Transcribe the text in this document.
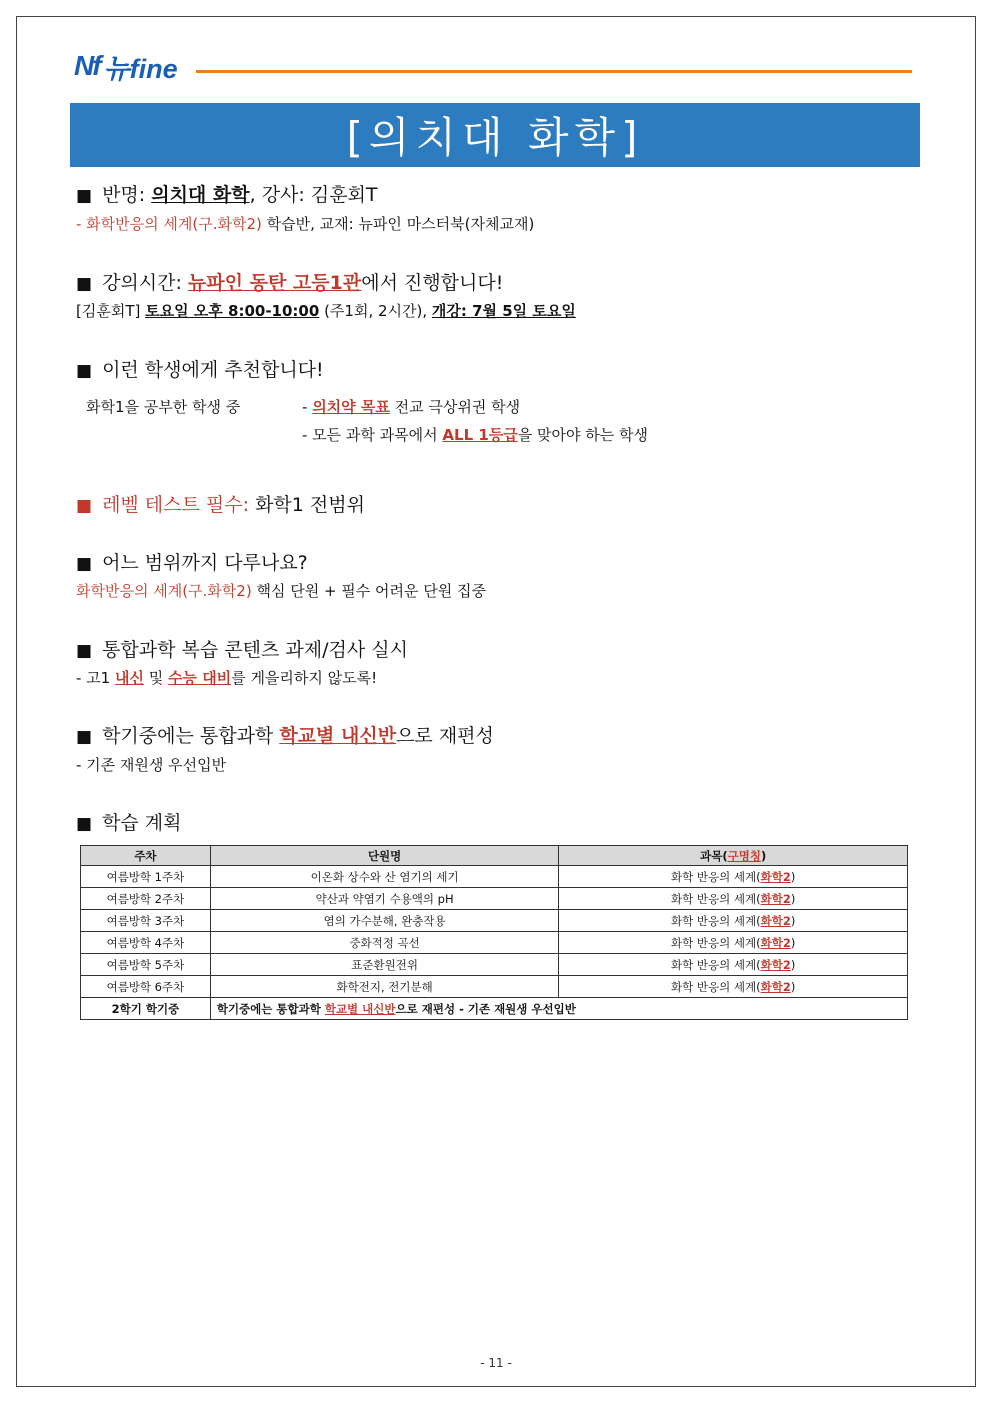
Nf 뉴fine
[의치대 화학]
■ 반명: 의치대 화학, 강사: 김훈회T
- 화학반응의 세계(구.화학2) 학습반, 교재: 뉴파인 마스터북(자체교재)
■ 강의시간: 뉴파인 동탄 고등1관에서 진행합니다!
[김훈회T] 토요일 오후 8:00-10:00 (주1회, 2시간), 개강: 7월 5일 토요일
■ 이런 학생에게 추천합니다!
화학1을 공부한 학생 중	- 의치약 목표 전교 극상위권 학생
- 모든 과학 과목에서 ALL 1등급을 맞아야 하는 학생
■ 레벨 테스트 필수: 화학1 전범위
■ 어느 범위까지 다루나요?
화학반응의 세계(구.화학2) 핵심 단원 + 필수 어려운 단원 집중
■ 통합과학 복습 콘텐츠 과제/검사 실시
- 고1 내신 및 수능 대비를 게을리하지 않도록!
■ 학기중에는 통합과학 학교별 내신반으로 재편성
- 기존 재원생 우선입반
■ 학습 계획
주차	단원명	과목(구명칭)
여름방학 1주차	이온화 상수와 산 염기의 세기	화학 반응의 세계(화학2)
여름방학 2주차	약산과 약염기 수용액의 pH	화학 반응의 세계(화학2)
여름방학 3주차	염의 가수분해, 완충작용	화학 반응의 세계(화학2)
여름방학 4주차	중화적정 곡선	화학 반응의 세계(화학2)
여름방학 5주차	표준환원전위	화학 반응의 세계(화학2)
여름방학 6주차	화학전지, 전기분해	화학 반응의 세계(화학2)
2학기 학기중	학기중에는 통합과학 학교별 내신반으로 재편성 - 기존 재원생 우선입반	
- 11 -
